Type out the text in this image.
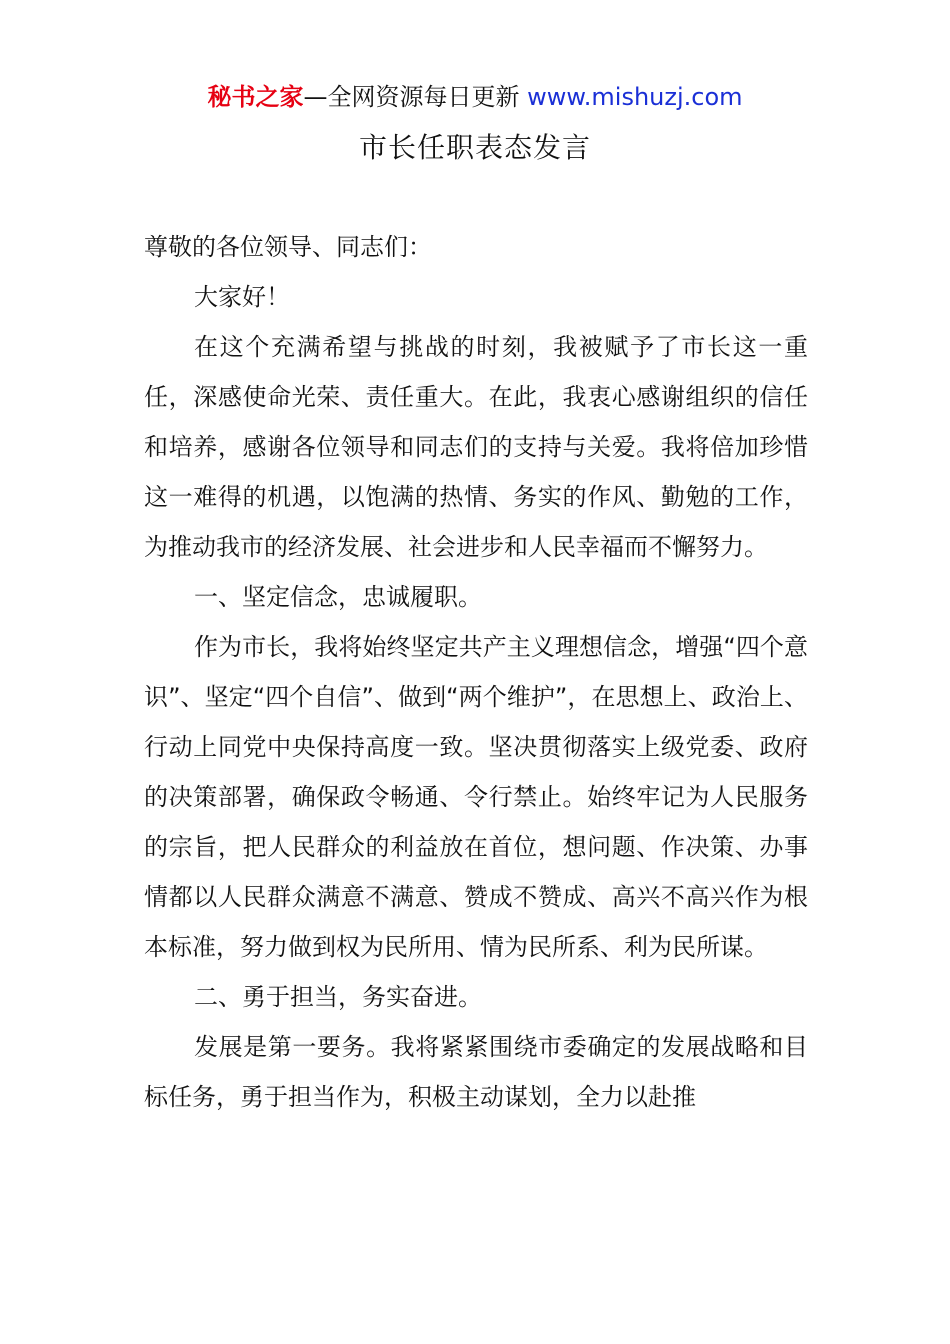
秘书之家—全网资源每日更新 www.mishuzj.com
市长任职表态发言

尊敬的各位领导、同志们：

大家好！

在这个充满希望与挑战的时刻，我被赋予了市长这一重任，深感使命光荣、责任重大。在此，我衷心感谢组织的信任和培养，感谢各位领导和同志们的支持与关爱。我将倍加珍惜这一难得的机遇，以饱满的热情、务实的作风、勤勉的工作，为推动我市的经济发展、社会进步和人民幸福而不懈努力。

一、坚定信念，忠诚履职。

作为市长，我将始终坚定共产主义理想信念，增强“四个意识”、坚定“四个自信”、做到“两个维护”，在思想上、政治上、行动上同党中央保持高度一致。坚决贯彻落实上级党委、政府的决策部署，确保政令畅通、令行禁止。始终牢记为人民服务的宗旨，把人民群众的利益放在首位，想问题、作决策、办事情都以人民群众满意不满意、赞成不赞成、高兴不高兴作为根本标准，努力做到权为民所用、情为民所系、利为民所谋。

二、勇于担当，务实奋进。

发展是第一要务。我将紧紧围绕市委确定的发展战略和目标任务，勇于担当作为，积极主动谋划，全力以赴推
